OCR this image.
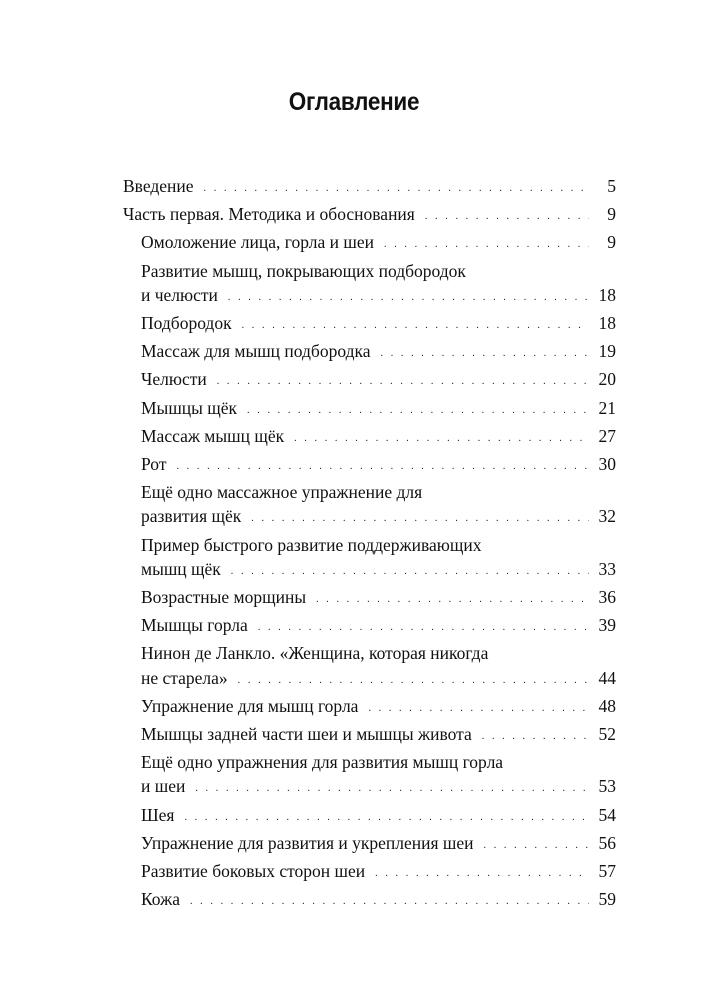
Оглавление
Введение . . .	5
Часть первая. Методика и обоснования . . .	9
Омоложение лица, горла и шеи . . .	9
Развитие мышц, покрывающих подбородок
и челюсти . . .	18
Подбородок . . .	18
Массаж для мышц подбородка . . .	19
Челюсти . . .	20
Мышцы щёк . . .	21
Массаж мышц щёк . . .	27
Рот . . .	30
Ещё одно массажное упражнение для
развития щёк . . .	32
Пример быстрого развитие поддерживающих
мышц щёк . . .	33
Возрастные морщины . . .	36
Мышцы горла . . .	39
Нинон де Ланкло. «Женщина, которая никогда
не старела» . . .	44
Упражнение для мышц горла . . .	48
Мышцы задней части шеи и мышцы живота . . .	52
Ещё одно упражнения для развития мышц горла
и шеи . . .	53
Шея . . .	54
Упражнение для развития и укрепления шеи . . .	56
Развитие боковых сторон шеи . . .	57
Кожа . . .	59
